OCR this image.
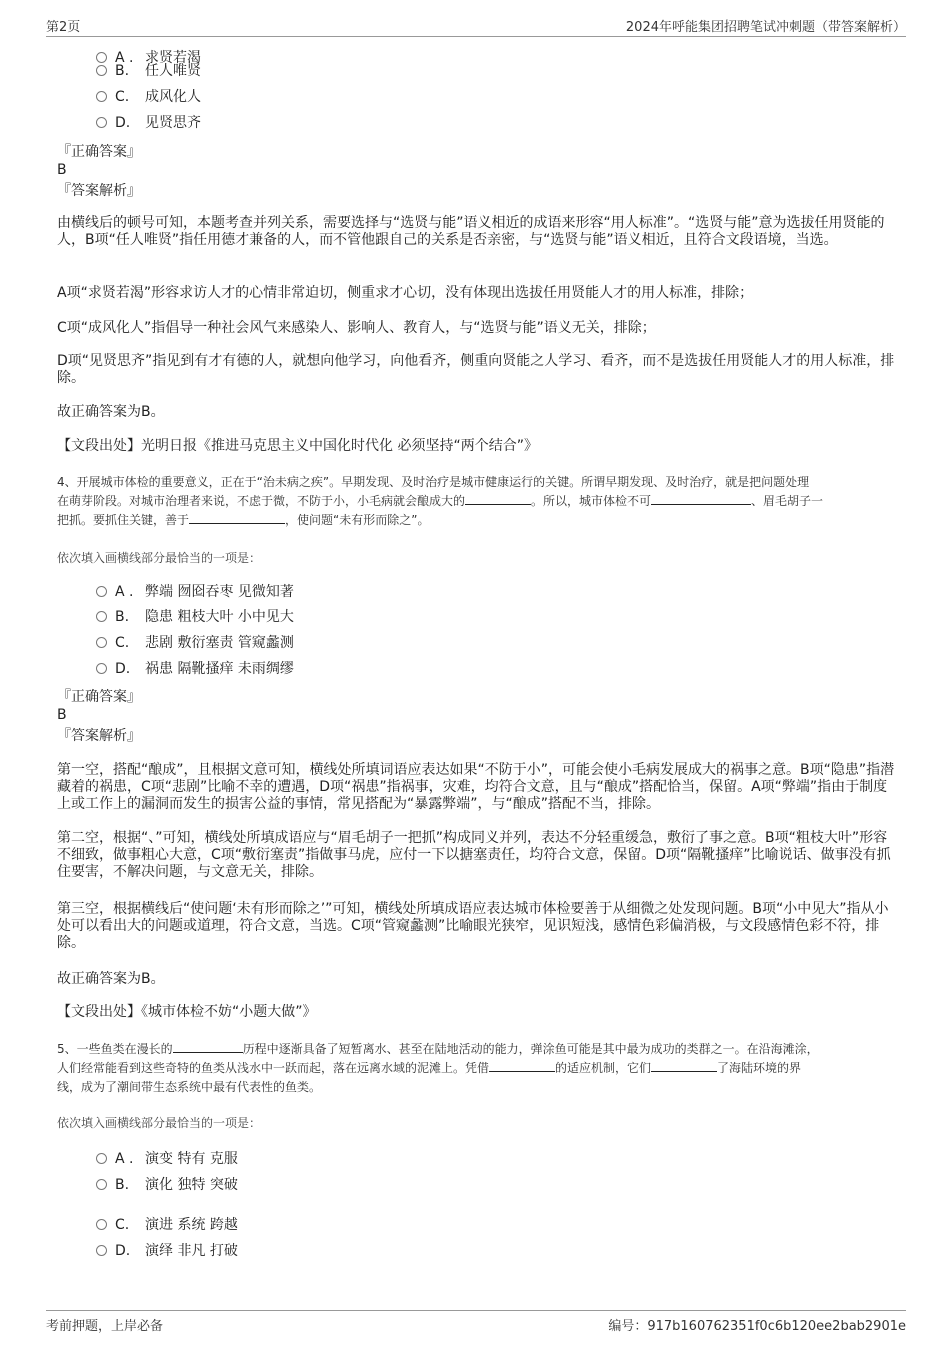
第2页	2024年呼能集团招聘笔试冲刺题（带答案解析）
A . 求贤若渴
B. 任人唯贤
C. 成风化人
D. 见贤思齐
『正确答案』
B
『答案解析』
由横线后的顿号可知，本题考查并列关系，需要选择与“选贤与能”语义相近的成语来形容“用人标准”。“选贤与能”意为选拔任用贤能的人，B项“任人唯贤”指任用德才兼备的人，而不管他跟自己的关系是否亲密，与“选贤与能”语义相近，且符合文段语境，当选。
A项“求贤若渴”形容求访人才的心情非常迫切，侧重求才心切，没有体现出选拔任用贤能人才的用人标准，排除；
C项“成风化人”指倡导一种社会风气来感染人、影响人、教育人，与“选贤与能”语义无关，排除；
D项“见贤思齐”指见到有才有德的人，就想向他学习，向他看齐，侧重向贤能之人学习、看齐，而不是选拔任用贤能人才的用人标准，排除。
故正确答案为B。
【文段出处】光明日报《推进马克思主义中国化时代化 必须坚持“两个结合”》
4、开展城市体检的重要意义，正在于“治未病之疾”。早期发现、及时治疗是城市健康运行的关键。所谓早期发现、及时治疗，就是把问题处理
在萌芽阶段。对城市治理者来说，不虑于微，不防于小，小毛病就会酿成大的	。所以，城市体检不可	、眉毛胡子一
把抓。要抓住关键，善于	，使问题“未有形而除之”。
依次填入画横线部分最恰当的一项是：
A . 弊端 囫囵吞枣 见微知著
B. 隐患 粗枝大叶 小中见大
C. 悲剧 敷衍塞责 管窥蠡测
D. 祸患 隔靴搔痒 未雨绸缪
『正确答案』
B
『答案解析』
第一空，搭配“酿成”，且根据文意可知，横线处所填词语应表达如果“不防于小”，可能会使小毛病发展成大的祸事之意。B项“隐患”指潜藏着的祸患，C项“悲剧”比喻不幸的遭遇，D项“祸患”指祸事，灾难，均符合文意，且与“酿成”搭配恰当，保留。A项“弊端”指由于制度上或工作上的漏洞而发生的损害公益的事情，常见搭配为“暴露弊端”，与“酿成”搭配不当，排除。
第二空，根据“、”可知，横线处所填成语应与“眉毛胡子一把抓”构成同义并列，表达不分轻重缓急，敷衍了事之意。B项“粗枝大叶”形容不细致，做事粗心大意，C项“敷衍塞责”指做事马虎，应付一下以搪塞责任，均符合文意，保留。D项“隔靴搔痒”比喻说话、做事没有抓住要害，不解决问题，与文意无关，排除。
第三空，根据横线后“使问题‘未有形而除之’”可知，横线处所填成语应表达城市体检要善于从细微之处发现问题。B项“小中见大”指从小处可以看出大的问题或道理，符合文意，当选。C项“管窥蠡测”比喻眼光狭窄，见识短浅，感情色彩偏消极，与文段感情色彩不符，排除。
故正确答案为B。
【文段出处】《城市体检不妨“小题大做”》
5、一些鱼类在漫长的	历程中逐渐具备了短暂离水、甚至在陆地活动的能力，弹涂鱼可能是其中最为成功的类群之一。在沿海滩涂，
人们经常能看到这些奇特的鱼类从浅水中一跃而起，落在远离水域的泥滩上。凭借	的适应机制，它们	了海陆环境的界
线，成为了潮间带生态系统中最有代表性的鱼类。
依次填入画横线部分最恰当的一项是：
A . 演变 特有 克服
B. 演化 独特 突破
C. 演进 系统 跨越
D. 演绎 非凡 打破
考前押题，上岸必备	编号：917b160762351f0c6b120ee2bab2901e
